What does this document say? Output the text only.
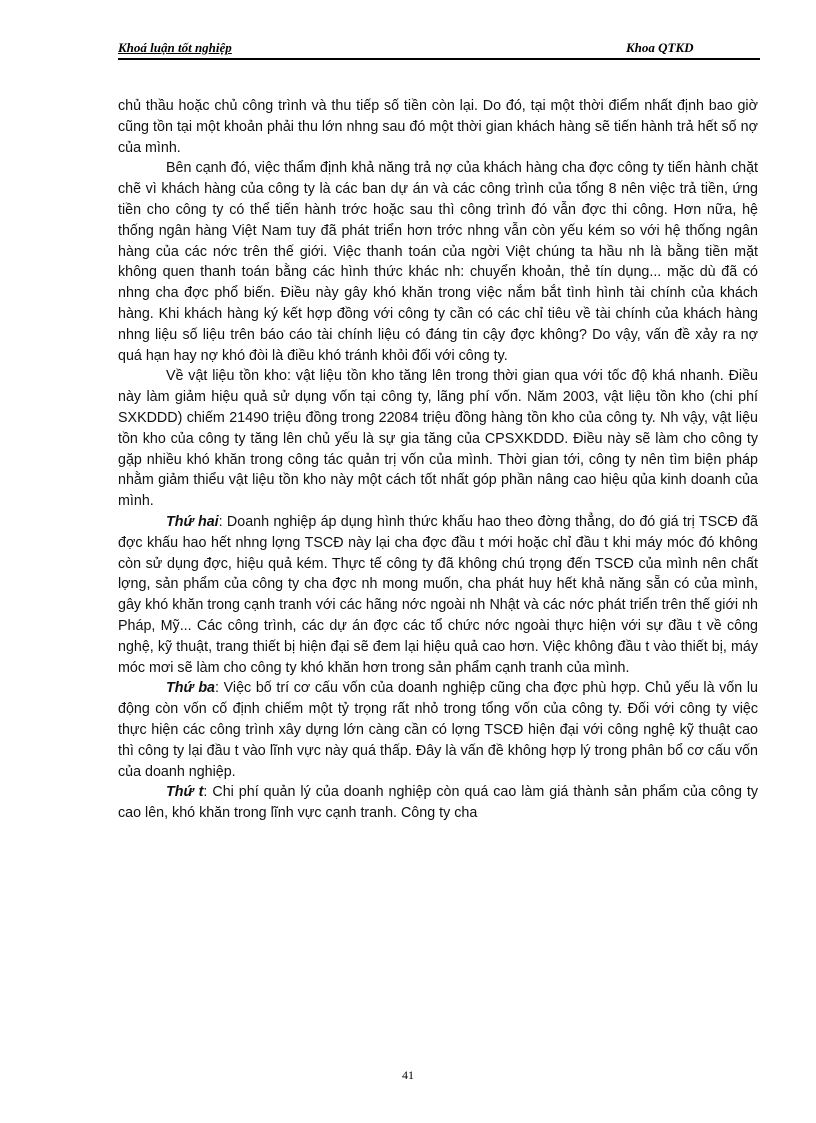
Khoá luận tốt nghiệp	Khoa QTKD

chủ thầu hoặc chủ công trình và thu tiếp số tiền còn lại. Do đó, tại một thời điểm nhất định bao giờ cũng tồn tại một khoản phải thu lớn nhng sau đó một thời gian khách hàng sẽ tiến hành trả hết số nợ của mình.

Bên cạnh đó, việc thẩm định khả năng trả nợ của khách hàng cha đợc công ty tiến hành chặt chẽ vì khách hàng của công ty là các ban dự án và các công trình của tổng 8 nên việc trả tiền, ứng tiền cho công ty có thể tiến hành trớc hoặc sau thì công trình đó vẫn đợc thi công. Hơn nữa, hệ thống ngân hàng Việt Nam tuy đã phát triển hơn trớc nhng vẫn còn yếu kém so với hệ thống ngân hàng của các nớc trên thế giới. Việc thanh toán của ngời Việt chúng ta hầu nh là bằng tiền mặt không quen thanh toán bằng các hình thức khác nh: chuyển khoản, thẻ tín dụng... mặc dù đã có nhng cha đợc phổ biến. Điều này gây khó khăn trong việc nắm bắt tình hình tài chính của khách hàng. Khi khách hàng ký kết hợp đồng với công ty cần có các chỉ tiêu về tài chính của khách hàng nhng liệu số liệu trên báo cáo tài chính liệu có đáng tin cậy đợc không? Do vậy, vấn đề xảy ra nợ quá hạn hay nợ khó đòi là điều khó tránh khỏi đối với công ty.

Về vật liệu tồn kho: vật liệu tồn kho tăng lên trong thời gian qua với tốc độ khá nhanh. Điều này làm giảm hiệu quả sử dụng vốn tại công ty, lãng phí vốn. Năm 2003, vật liệu tồn kho (chi phí SXKDDD) chiếm 21490 triệu đồng trong 22084 triệu đồng hàng tồn kho của công ty. Nh vậy, vật liệu tồn kho của công ty tăng lên chủ yếu là sự gia tăng của CPSXKDDD. Điều này sẽ làm cho công ty gặp nhiều khó khăn trong công tác quản trị vốn của mình. Thời gian tới, công ty nên tìm biện pháp nhằm giảm thiểu vật liệu tồn kho này một cách tốt nhất góp phần nâng cao hiệu qủa kinh doanh của mình.

Thứ hai: Doanh nghiệp áp dụng hình thức khấu hao theo đờng thẳng, do đó giá trị TSCĐ đã đợc khấu hao hết nhng lợng TSCĐ này lại cha đợc đầu t mới hoặc chỉ đầu t khi máy móc đó không còn sử dụng đợc, hiệu quả kém. Thực tế công ty đã không chú trọng đến TSCĐ của mình nên chất lợng, sản phẩm của công ty cha đợc nh mong muốn, cha phát huy hết khả năng sẵn có của mình, gây khó khăn trong cạnh tranh với các hãng nớc ngoài nh Nhật và các nớc phát triển trên thế giới nh Pháp, Mỹ... Các công trình, các dự án đợc các tổ chức nớc ngoài thực hiện với sự đầu t về công nghệ, kỹ thuật, trang thiết bị hiện đại sẽ đem lại hiệu quả cao hơn. Việc không đầu t vào thiết bị, máy móc mơi sẽ làm cho công ty khó khăn hơn trong sản phẩm cạnh tranh của mình.

Thứ ba: Việc bố trí cơ cấu vốn của doanh nghiệp cũng cha đợc phù hợp. Chủ yếu là vốn lu động còn vốn cố định chiếm một tỷ trọng rất nhỏ trong tổng vốn của công ty. Đối với công ty việc thực hiện các công trình xây dựng lớn càng cần có lợng TSCĐ hiện đại với công nghệ kỹ thuật cao thì công ty lại đầu t vào lĩnh vực này quá thấp. Đây là vấn đề không hợp lý trong phân bổ cơ cấu vốn của doanh nghiệp.

Thứ t: Chi phí quản lý của doanh nghiệp còn quá cao làm giá thành sản phẩm của công ty cao lên, khó khăn trong lĩnh vực cạnh tranh. Công ty cha

41
